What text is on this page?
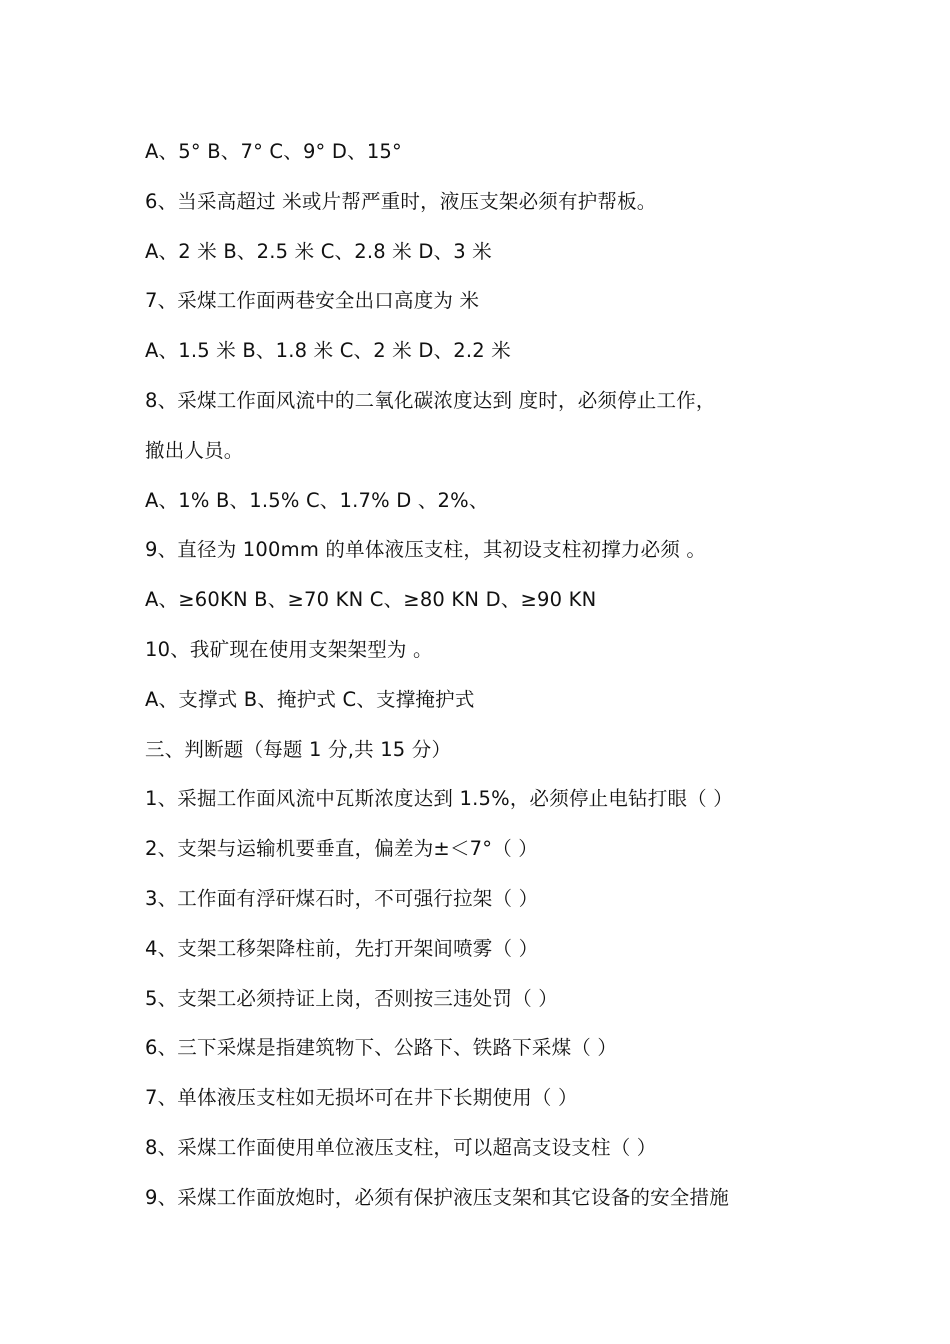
A、5° B、7° C、9° D、15°
6、当采高超过 米或片帮严重时，液压支架必须有护帮板。
A、2 米 B、2.5 米 C、2.8 米 D、3 米
7、采煤工作面两巷安全出口高度为 米
A、1.5 米 B、1.8 米 C、2 米 D、2.2 米
8、采煤工作面风流中的二氧化碳浓度达到 度时，必须停止工作，
撤出人员。
A、1% B、1.5% C、1.7% D 、2%、
9、直径为 100mm 的单体液压支柱，其初设支柱初撑力必须 。
A、≥60KN B、≥70 KN C、≥80 KN D、≥90 KN
10、我矿现在使用支架架型为 。
A、支撑式 B、掩护式 C、支撑掩护式
三、判断题（每题 1 分,共 15 分）
1、采掘工作面风流中瓦斯浓度达到 1.5%，必须停止电钻打眼（ ）
2、支架与运输机要垂直，偏差为±＜7°（ ）
3、工作面有浮矸煤石时，不可强行拉架（ ）
4、支架工移架降柱前，先打开架间喷雾（ ）
5、支架工必须持证上岗，否则按三违处罚（ ）
6、三下采煤是指建筑物下、公路下、铁路下采煤（ ）
7、单体液压支柱如无损坏可在井下长期使用（ ）
8、采煤工作面使用单位液压支柱，可以超高支设支柱（ ）
9、采煤工作面放炮时，必须有保护液压支架和其它设备的安全措施
